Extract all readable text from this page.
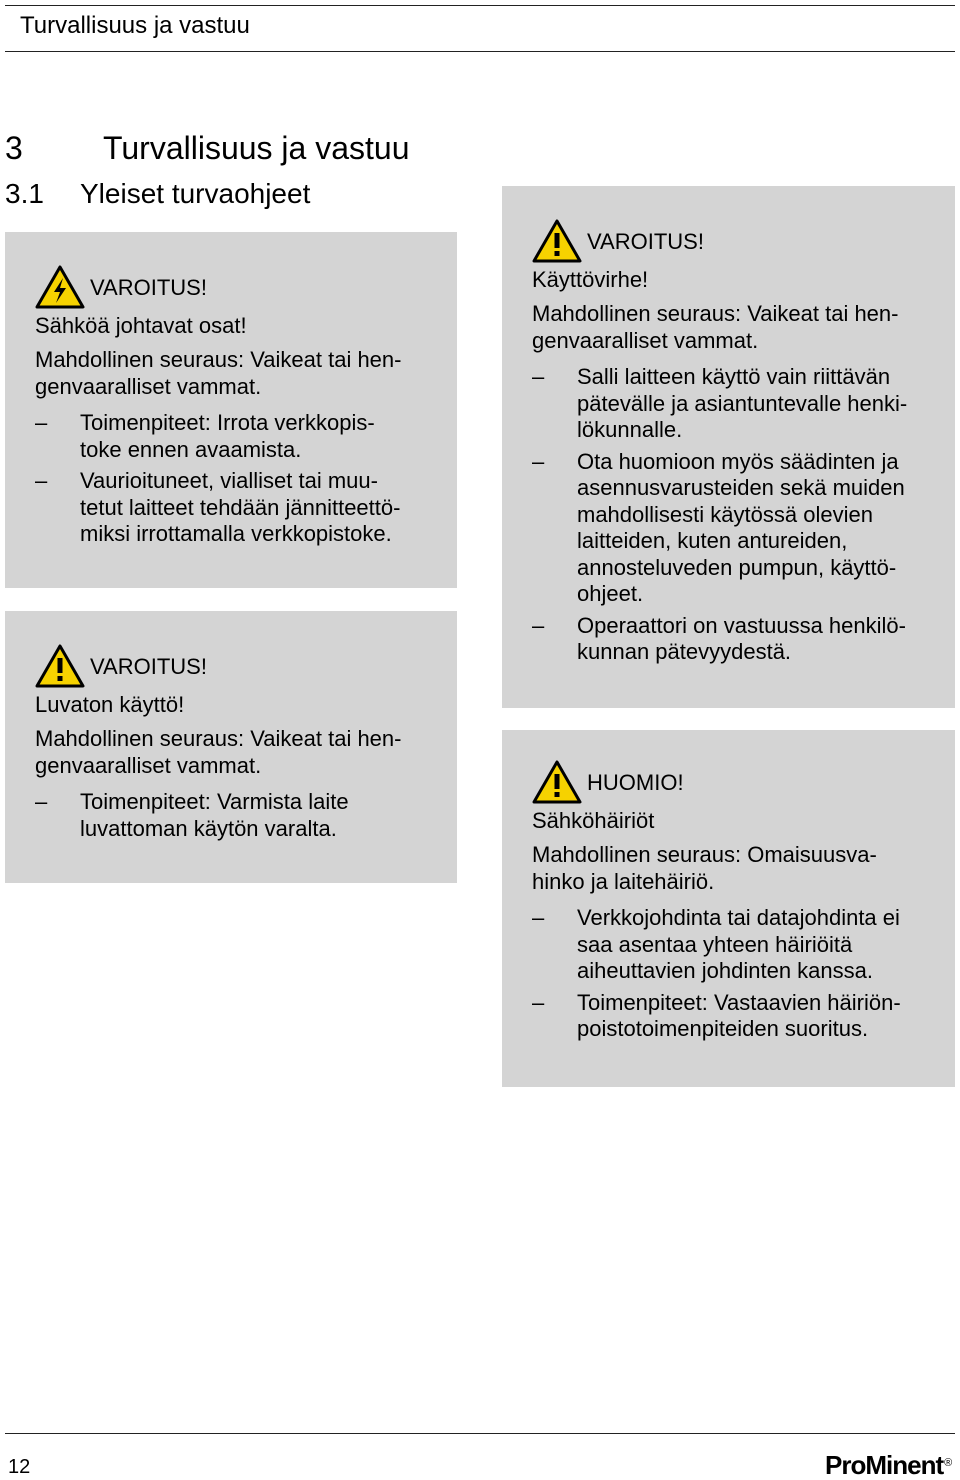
Turvallisuus ja vastuu
3	Turvallisuus ja vastuu
3.1 Yleiset turvaohjeet
VAROITUS!
Sähköä johtavat osat!
Mahdollinen seuraus: Vaikeat tai hen-
genvaaralliset vammat.
– Toimenpiteet: Irrota verkkopis-
toke ennen avaamista.
– Vaurioituneet, vialliset tai muu-
tetut laitteet tehdään jännitteettö-
miksi irrottamalla verkkopistoke.
VAROITUS!
Luvaton käyttö!
Mahdollinen seuraus: Vaikeat tai hen-
genvaaralliset vammat.
– Toimenpiteet: Varmista laite
luvattoman käytön varalta.
VAROITUS!
Käyttövirhe!
Mahdollinen seuraus: Vaikeat tai hen-
genvaaralliset vammat.
– Salli laitteen käyttö vain riittävän
pätevälle ja asiantuntevalle henki-
lökunnalle.
– Ota huomioon myös säädinten ja
asennusvarusteiden sekä muiden
mahdollisesti käytössä olevien
laitteiden, kuten antureiden,
annosteluveden pumpun, käyttö-
ohjeet.
– Operaattori on vastuussa henkilö-
kunnan pätevyydestä.
HUOMIO!
Sähköhäiriöt
Mahdollinen seuraus: Omaisuusva-
hinko ja laitehäiriö.
– Verkkojohdinta tai datajohdinta ei
saa asentaa yhteen häiriöitä
aiheuttavien johdinten kanssa.
– Toimenpiteet: Vastaavien häiriön-
poistotoimenpiteiden suoritus.
12	ProMinent®
